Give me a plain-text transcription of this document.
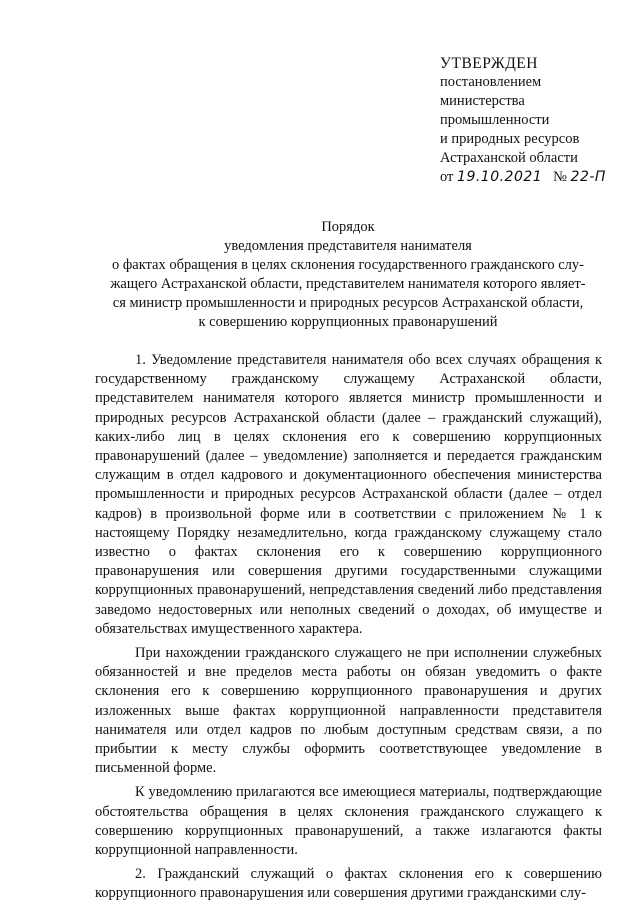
УТВЕРЖДЕН
постановлением
министерства
промышленности
и природных ресурсов
Астраханской области
от 19.10.2021 № 22-П
Порядок
уведомления представителя нанимателя
о фактах обращения в целях склонения государственного гражданского слу-
жащего Астраханской области, представителем нанимателя которого являет-
ся министр промышленности и природных ресурсов Астраханской области,
к совершению коррупционных правонарушений

1. Уведомление представителя нанимателя обо всех случаях обращения к государственному гражданскому служащему Астраханской области, представителем нанимателя которого является министр промышленности и природных ресурсов Астраханской области (далее – гражданский служащий), каких-либо лиц в целях склонения его к совершению коррупционных правонарушений (далее – уведомление) заполняется и передается гражданским служащим в отдел кадрового и документационного обеспечения министерства промышленности и природных ресурсов Астраханской области (далее – отдел кадров) в произвольной форме или в соответствии с приложением № 1 к настоящему Порядку незамедлительно, когда гражданскому служащему стало известно о фактах склонения его к совершению коррупционного правонарушения или совершения другими государственными служащими коррупционных правонарушений, непредставления сведений либо представления заведомо недостоверных или неполных сведений о доходах, об имуществе и обязательствах имущественного характера.

При нахождении гражданского служащего не при исполнении служебных обязанностей и вне пределов места работы он обязан уведомить о факте склонения его к совершению коррупционного правонарушения и других изложенных выше фактах коррупционной направленности представителя нанимателя или отдел кадров по любым доступным средствам связи, а по прибытии к месту службы оформить соответствующее уведомление в письменной форме.

К уведомлению прилагаются все имеющиеся материалы, подтверждающие обстоятельства обращения в целях склонения гражданского служащего к совершению коррупционных правонарушений, а также излагаются факты коррупционной направленности.

2. Гражданский служащий о фактах склонения его к совершению коррупционного правонарушения или совершения другими гражданскими слу-
